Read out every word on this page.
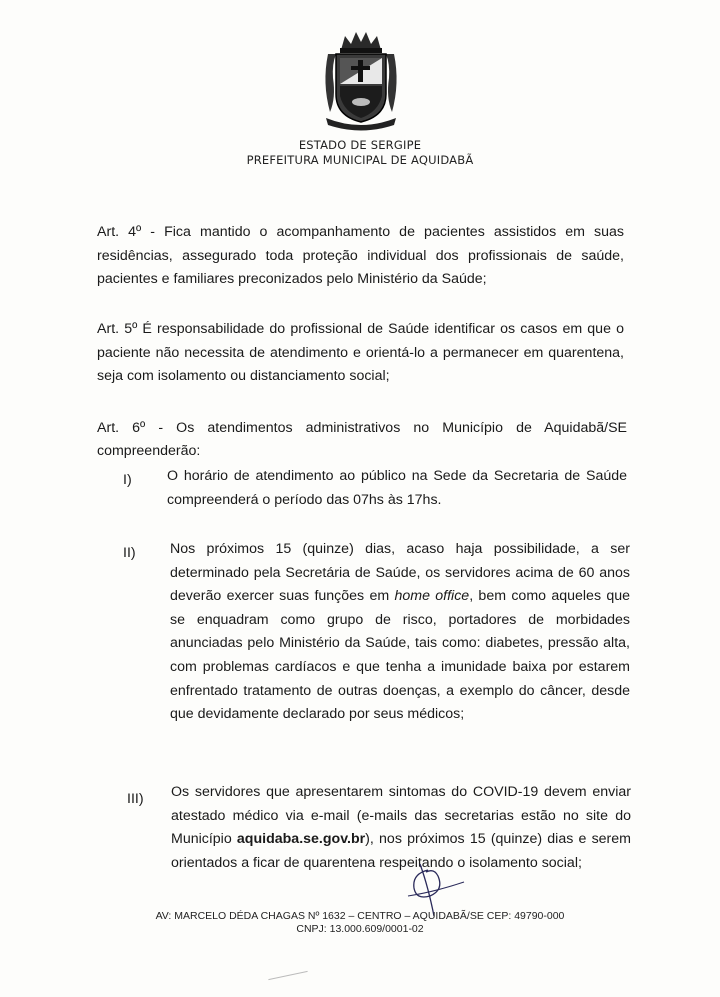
ESTADO DE SERGIPE
PREFEITURA MUNICIPAL DE AQUIDABÃ
Art. 4º - Fica mantido o acompanhamento de pacientes assistidos em suas residências, assegurado toda proteção individual dos profissionais de saúde, pacientes e familiares preconizados pelo Ministério da Saúde;
Art. 5º É responsabilidade do profissional de Saúde identificar os casos em que o paciente não necessita de atendimento e orientá-lo a permanecer em quarentena, seja com isolamento ou distanciamento social;
Art. 6º - Os atendimentos administrativos no Município de Aquidabã/SE
compreenderão:
I) O horário de atendimento ao público na Sede da Secretaria de Saúde compreenderá o período das 07hs às 17hs.
II) Nos próximos 15 (quinze) dias, acaso haja possibilidade, a ser determinado pela Secretária de Saúde, os servidores acima de 60 anos deverão exercer suas funções em home office, bem como aqueles que se enquadram como grupo de risco, portadores de morbidades anunciadas pelo Ministério da Saúde, tais como: diabetes, pressão alta, com problemas cardíacos e que tenha a imunidade baixa por estarem enfrentado tratamento de outras doenças, a exemplo do câncer, desde que devidamente declarado por seus médicos;
III) Os servidores que apresentarem sintomas do COVID-19 devem enviar atestado médico via e-mail (e-mails das secretarias estão no site do Município aquidaba.se.gov.br), nos próximos 15 (quinze) dias e serem orientados a ficar de quarentena respeitando o isolamento social;
AV: MARCELO DÉDA CHAGAS Nº 1632 – CENTRO – AQUIDABÃ/SE CEP: 49790-000
CNPJ: 13.000.609/0001-02
